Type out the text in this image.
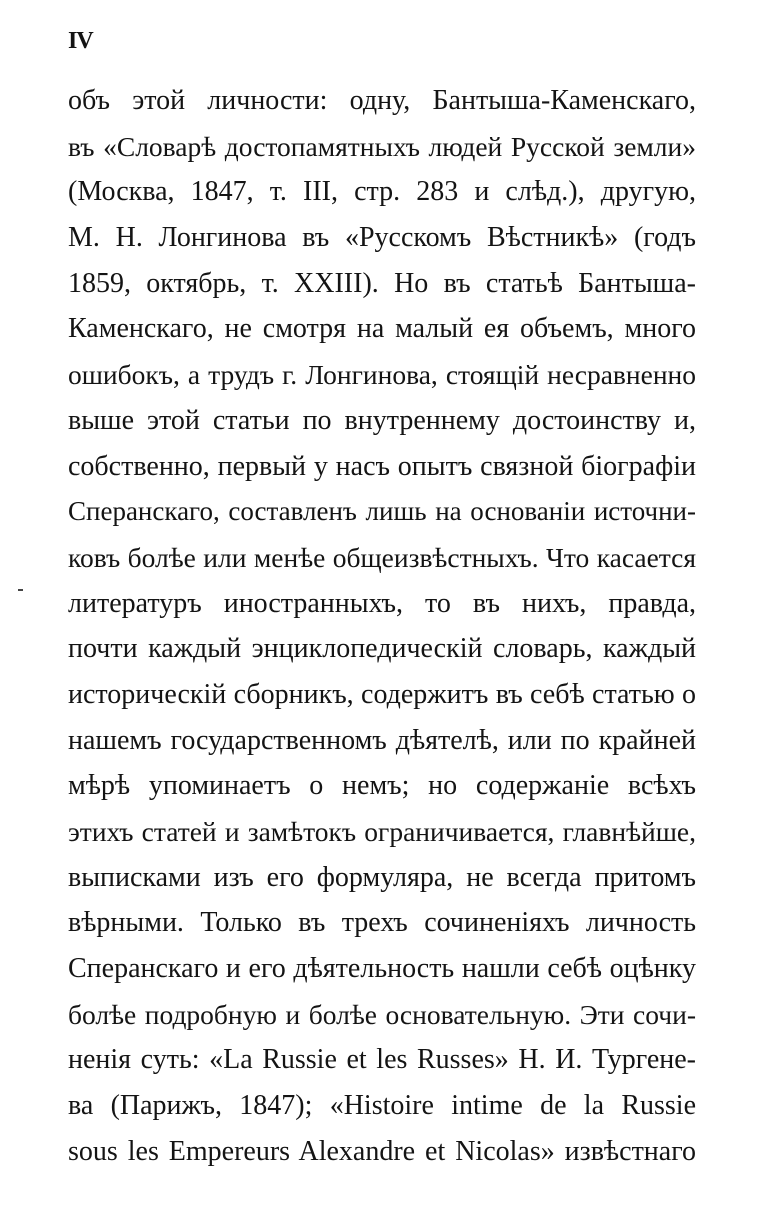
IV
объ этой личности: одну, Бантыша-Каменскаго,
въ «Словарѣ достопамятныхъ людей Русской земли»
(Москва, 1847, т. III, стр. 283 и слѣд.), другую,
М. Н. Лонгинова въ «Русскомъ Вѣстникѣ» (годъ
1859, октябрь, т. XXIII). Но въ статьѣ Бантыша-
Каменскаго, не смотря на малый ея объемъ, много
ошибокъ, а трудъ г. Лонгинова, стоящій несравненно
выше этой статьи по внутреннему достоинству и,
собственно, первый у насъ опытъ связной біографіи
Сперанскаго, составленъ лишь на основаніи источни-
ковъ болѣе или менѣе общеизвѣстныхъ. Что касается
литературъ иностранныхъ, то въ нихъ, правда,
почти каждый энциклопедическій словарь, каждый
историческій сборникъ, содержитъ въ себѣ статью о
нашемъ государственномъ дѣятелѣ, или по крайней
мѣрѣ упоминаетъ о немъ; но содержаніе всѣхъ
этихъ статей и замѣтокъ ограничивается, главнѣйше,
выписками изъ его формуляра, не всегда притомъ
вѣрными. Только въ трехъ сочиненіяхъ личность
Сперанскаго и его дѣятельность нашли себѣ оцѣнку
болѣе подробную и болѣе основательную. Эти сочи-
ненія суть: «La Russie et les Russes» Н. И. Тургене-
ва (Парижъ, 1847); «Histoire intime de la Russie
sous les Empereurs Alexandre et Nicolas» извѣстнаго
